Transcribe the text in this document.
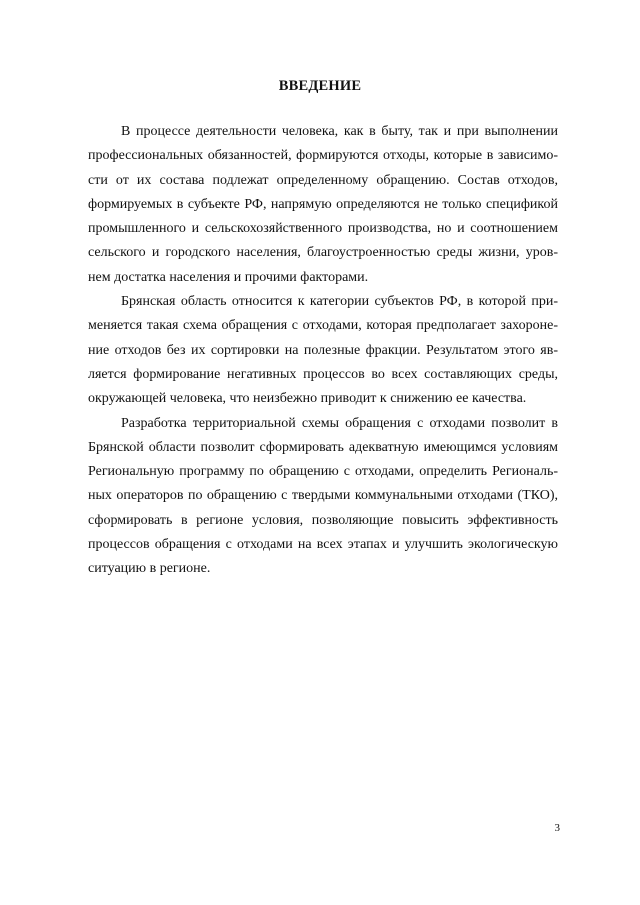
ВВЕДЕНИЕ

В процессе деятельности человека, как в быту, так и при выполнении
профессиональных обязанностей, формируются отходы, которые в зависимо-
сти от их состава подлежат определенному обращению. Состав отходов,
формируемых в субъекте РФ, напрямую определяются не только спецификой
промышленного и сельскохозяйственного производства, но и соотношением
сельского и городского населения, благоустроенностью среды жизни, уров-
нем достатка населения и прочими факторами.

Брянская область относится к категории субъектов РФ, в которой при-
меняется такая схема обращения с отходами, которая предполагает захороне-
ние отходов без их сортировки на полезные фракции. Результатом этого яв-
ляется формирование негативных процессов во всех составляющих среды,
окружающей человека, что неизбежно приводит к снижению ее качества.

Разработка территориальной схемы обращения с отходами позволит в
Брянской области позволит сформировать адекватную имеющимся условиям
Региональную программу по обращению с отходами, определить Региональ-
ных операторов по обращению с твердыми коммунальными отходами (ТКО),
сформировать в регионе условия, позволяющие повысить эффективность
процессов обращения с отходами на всех этапах и улучшить экологическую
ситуацию в регионе.

3
